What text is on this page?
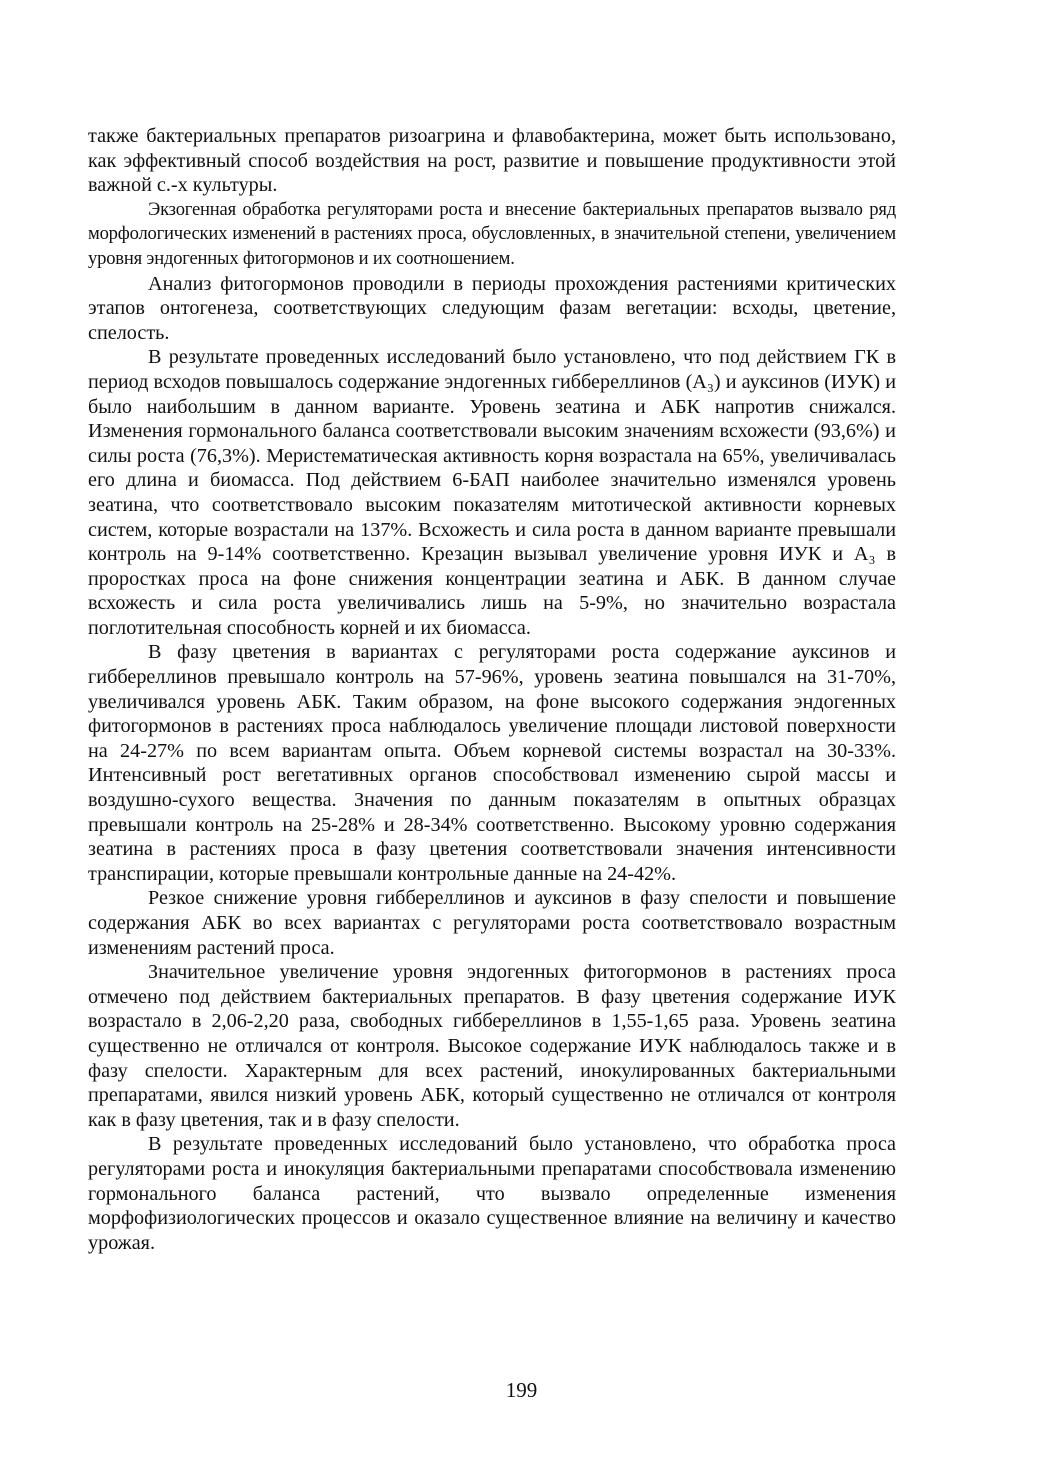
также бактериальных препаратов ризоагрина и флавобактерина, может быть использовано, как эффективный способ воздействия на рост, развитие и повышение продуктивности этой важной с.-х культуры.

Экзогенная обработка регуляторами роста и внесение бактериальных препаратов вызвало ряд морфологических изменений в растениях проса, обусловленных, в значительной степени, увеличением уровня эндогенных фитогормонов и их соотношением.

Анализ фитогормонов проводили в периоды прохождения растениями критических этапов онтогенеза, соответствующих следующим фазам вегетации: всходы, цветение, спелость.

В результате проведенных исследований было установлено, что под действием ГК в период всходов повышалось содержание эндогенных гиббереллинов (А₃) и ауксинов (ИУК) и было наибольшим в данном варианте. Уровень зеатина и АБК напротив снижался. Изменения гормонального баланса соответствовали высоким значениям всхожести (93,6%) и силы роста (76,3%). Меристематическая активность корня возрастала на 65%, увеличивалась его длина и биомасса. Под действием 6-БАП наиболее значительно изменялся уровень зеатина, что соответствовало высоким показателям митотической активности корневых систем, которые возрастали на 137%. Всхожесть и сила роста в данном варианте превышали контроль на 9-14% соответственно. Крезацин вызывал увеличение уровня ИУК и А₃ в проростках проса на фоне снижения концентрации зеатина и АБК. В данном случае всхожесть и сила роста увеличивались лишь на 5-9%, но значительно возрастала поглотительная способность корней и их биомасса.

В фазу цветения в вариантах с регуляторами роста содержание ауксинов и гиббереллинов превышало контроль на 57-96%, уровень зеатина повышался на 31-70%, увеличивался уровень АБК. Таким образом, на фоне высокого содержания эндогенных фитогормонов в растениях проса наблюдалось увеличение площади листовой поверхности на 24-27% по всем вариантам опыта. Объем корневой системы возрастал на 30-33%. Интенсивный рост вегетативных органов способствовал изменению сырой массы и воздушно-сухого вещества. Значения по данным показателям в опытных образцах превышали контроль на 25-28% и 28-34% соответственно. Высокому уровню содержания зеатина в растениях проса в фазу цветения соответствовали значения интенсивности транспирации, которые превышали контрольные данные на 24-42%.

Резкое снижение уровня гиббереллинов и ауксинов в фазу спелости и повышение содержания АБК во всех вариантах с регуляторами роста соответствовало возрастным изменениям растений проса.

Значительное увеличение уровня эндогенных фитогормонов в растениях проса отмечено под действием бактериальных препаратов. В фазу цветения содержание ИУК возрастало в 2,06-2,20 раза, свободных гиббереллинов в 1,55-1,65 раза. Уровень зеатина существенно не отличался от контроля. Высокое содержание ИУК наблюдалось также и в фазу спелости. Характерным для всех растений, инокулированных бактериальными препаратами, явился низкий уровень АБК, который существенно не отличался от контроля как в фазу цветения, так и в фазу спелости.

В результате проведенных исследований было установлено, что обработка проса регуляторами роста и инокуляция бактериальными препаратами способствовала изменению гормонального баланса растений, что вызвало определенные изменения морфофизиологических процессов и оказало существенное влияние на величину и качество урожая.

199
